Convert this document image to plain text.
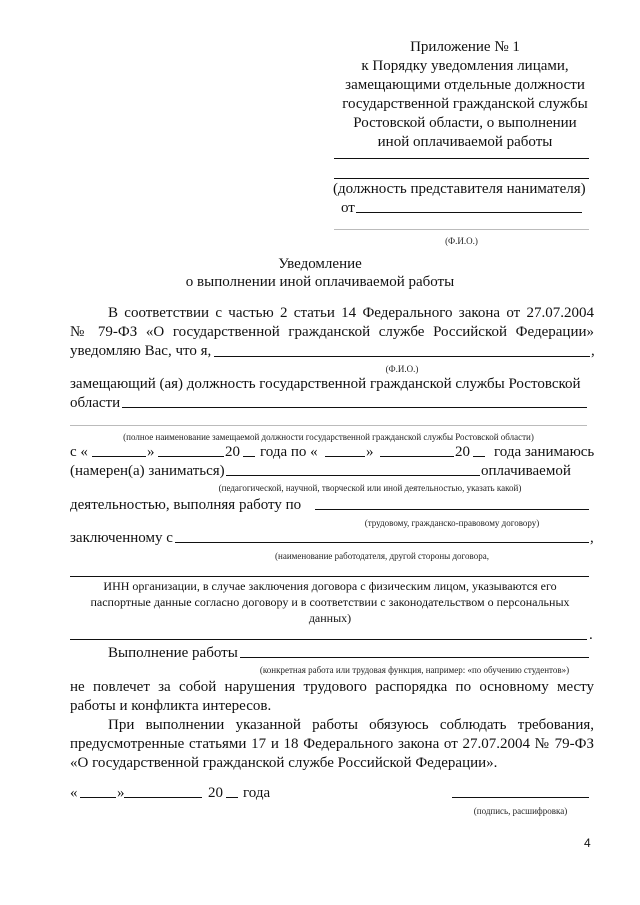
Приложение № 1
к Порядку уведомления лицами,
замещающими отдельные должности
государственной гражданской службы
Ростовской области, о выполнении
иной оплачиваемой работы
(должность представителя нанимателя)
от
(Ф.И.О.)
Уведомление
о выполнении иной оплачиваемой работы
В соответствии с частью 2 статьи 14 Федерального закона от 27.07.2004
№ 79-ФЗ «О государственной гражданской службе Российской Федерации»
уведомляю Вас, что я,	,
(Ф.И.О.)
замещающий (ая) должность государственной гражданской службы Ростовской
области
(полное наименование замещаемой должности государственной гражданской службы Ростовской области)
с «	»	20 года по «	»	20 года занимаюсь
(намерен(а) заниматься)	оплачиваемой
(педагогической, научной, творческой или иной деятельностью, указать какой)
деятельностью, выполняя работу по
(трудовому, гражданско-правовому договору)
заключенному с	,
(наименование работодателя, другой стороны договора,
ИНН организации, в случае заключения договора с физическим лицом, указываются его
паспортные данные согласно договору и в соответствии с законодательством о персональных
данных)
.
Выполнение работы
(конкретная работа или трудовая функция, например: «по обучению студентов»)
не повлечет за собой нарушения трудового распорядка по основному месту
работы и конфликта интересов.
При выполнении указанной работы обязуюсь соблюдать требования,
предусмотренные статьями 17 и 18 Федерального закона от 27.07.2004 № 79-ФЗ
«О государственной гражданской службе Российской Федерации».
«	»	20 года
(подпись, расшифровка)
4
